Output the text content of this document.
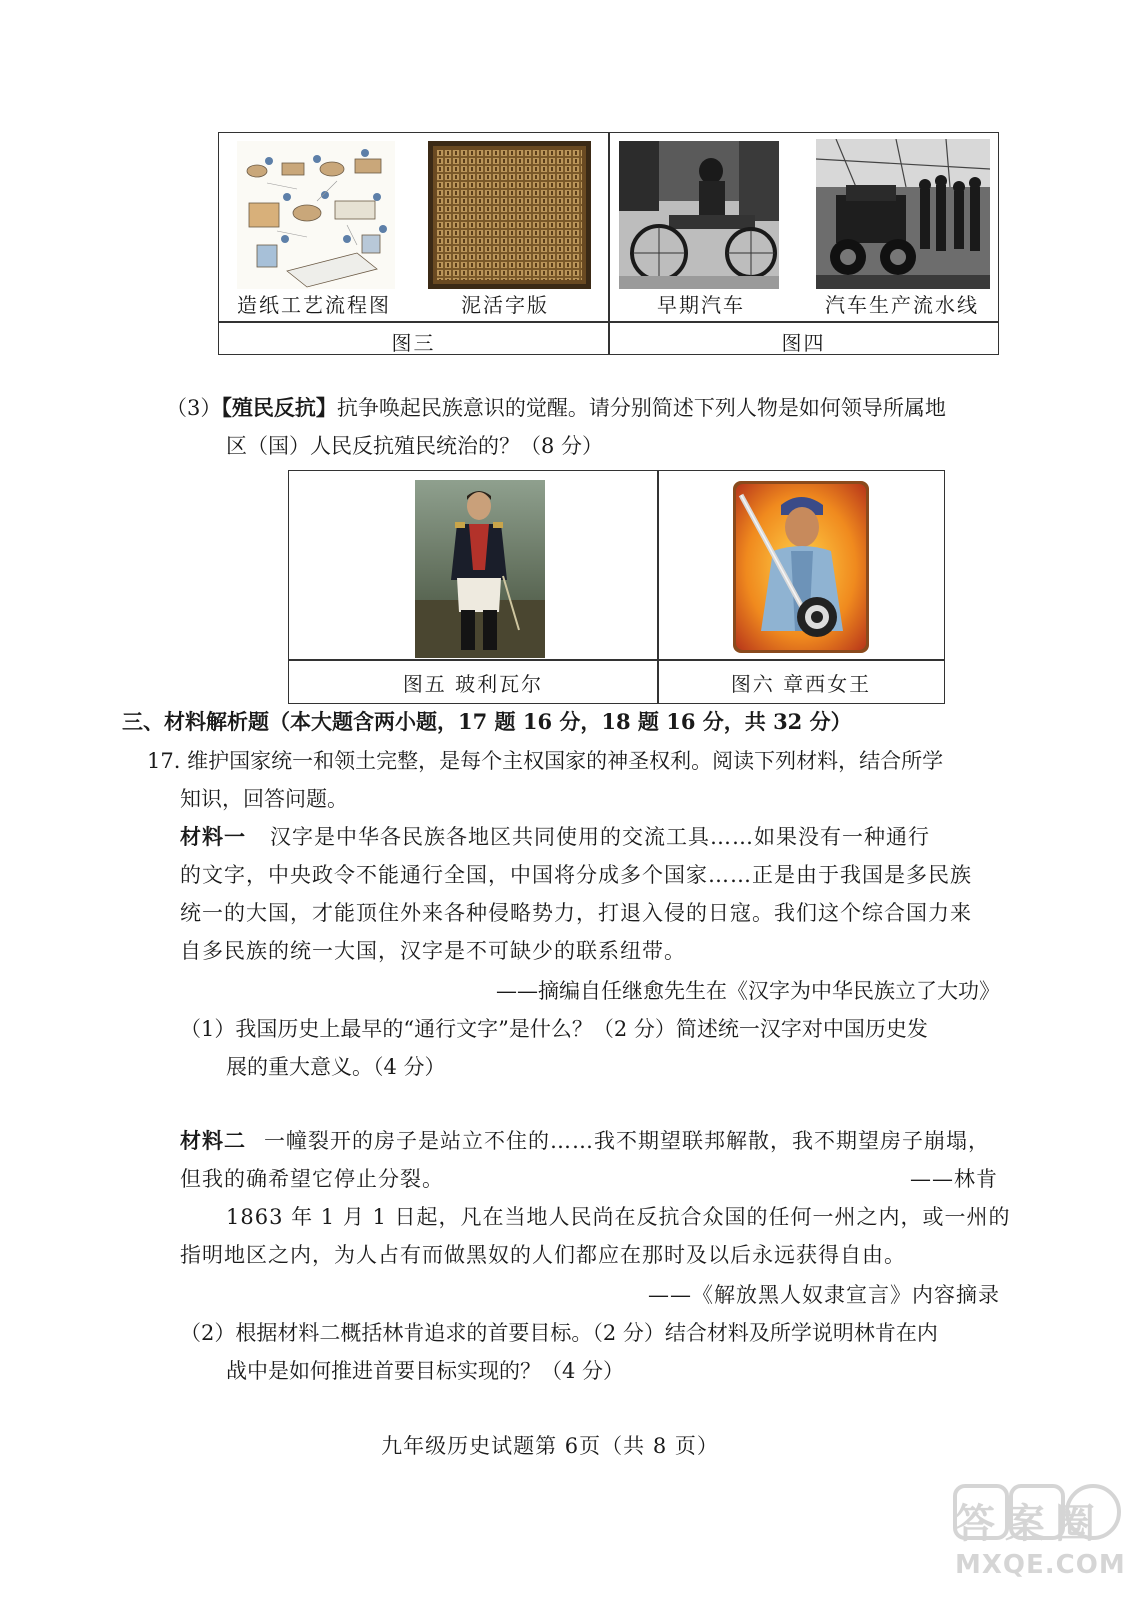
造纸工艺流程图	泥活字版	早期汽车	汽车生产流水线
图三	图四
（3）【殖民反抗】抗争唤起民族意识的觉醒。请分别简述下列人物是如何领导所属地
区（国）人民反抗殖民统治的？（8 分）
图五 玻利瓦尔	图六 章西女王
三、材料解析题（本大题含两小题，17 题 16 分，18 题 16 分，共 32 分）
17. 维护国家统一和领土完整，是每个主权国家的神圣权利。阅读下列材料，结合所学
知识，回答问题。
材料一 汉字是中华各民族各地区共同使用的交流工具……如果没有一种通行
的文字，中央政令不能通行全国，中国将分成多个国家……正是由于我国是多民族
统一的大国，才能顶住外来各种侵略势力，打退入侵的日寇。我们这个综合国力来
自多民族的统一大国，汉字是不可缺少的联系纽带。
——摘编自任继愈先生在《汉字为中华民族立了大功》
（1）我国历史上最早的“通行文字”是什么？（2 分）简述统一汉字对中国历史发
展的重大意义。（4 分）
材料二 一幢裂开的房子是站立不住的……我不期望联邦解散，我不期望房子崩塌，
但我的确希望它停止分裂。	——林肯
1863 年 1 月 1 日起，凡在当地人民尚在反抗合众国的任何一州之内，或一州的
指明地区之内，为人占有而做黑奴的人们都应在那时及以后永远获得自由。
——《解放黑人奴隶宣言》内容摘录
（2）根据材料二概括林肯追求的首要目标。（2 分）结合材料及所学说明林肯在内
战中是如何推进首要目标实现的？（4 分）
九年级历史试题第 6页（共 8 页）
答案圈
MXQE.COM
